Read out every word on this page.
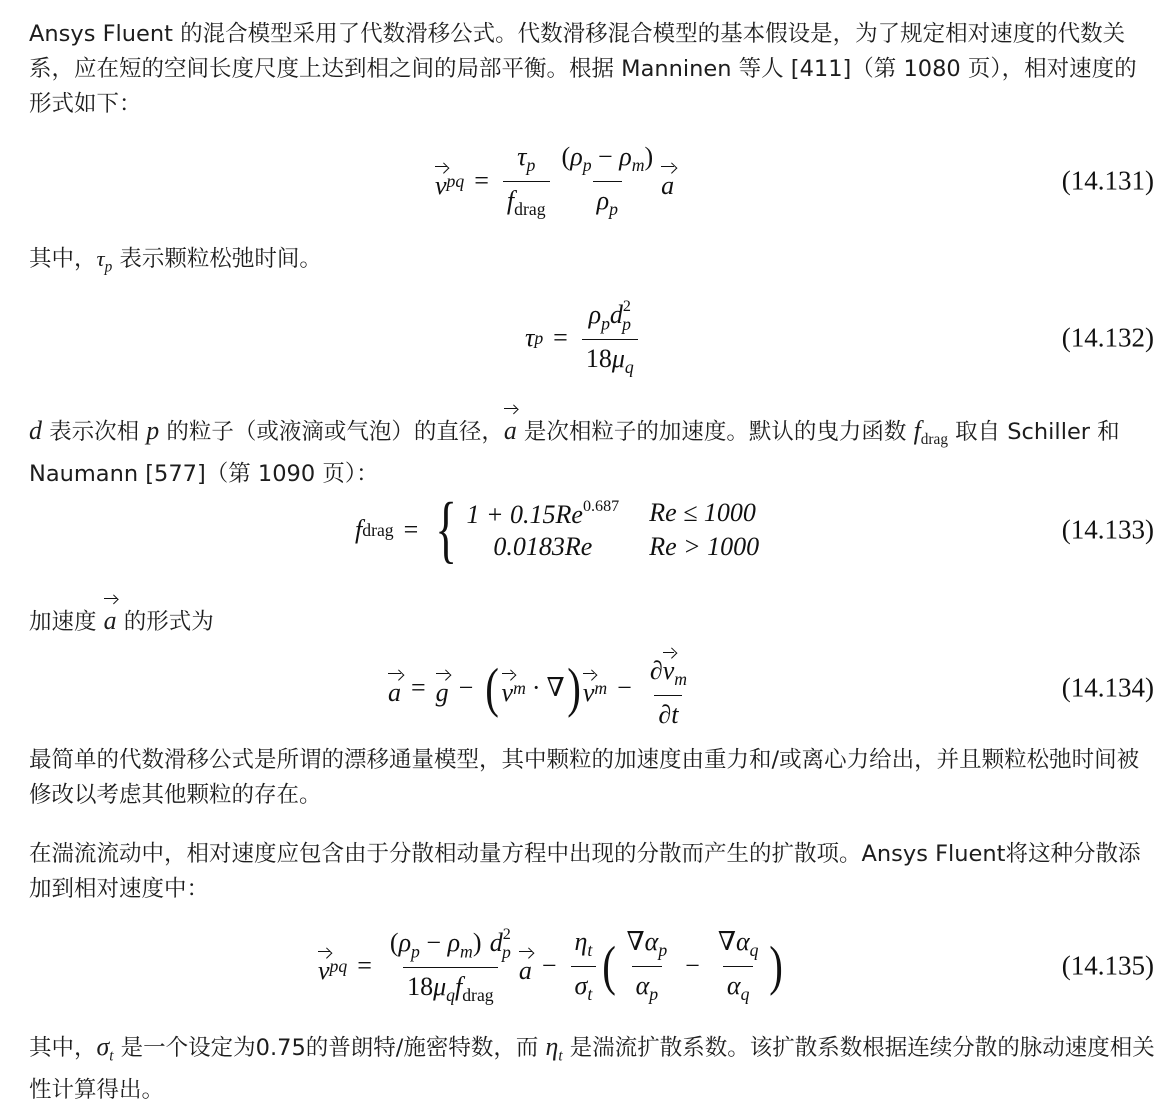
Ansys Fluent 的混合模型采用了代数滑移公式。代数滑移混合模型的基本假设是，为了规定相对速度的代数关系，应在短的空间长度尺度上达到相之间的局部平衡。根据 Manninen 等人 [411]（第 1080 页），相对速度的形式如下：

v pq = $\frac{\tau_p}{f_{drag}} \frac{(\rho_p - \rho_m)}{\rho_p}$ a	(14.131)

其中，$\tau_p$ 表示颗粒松弛时间。

τ $p = \frac{\rho_pd^2_p}{18\mu_q}$	(14.132)

d 表示次相 p 的粒子（或液滴或气泡）的直径，a 是次相粒子的加速度。默认的曳力函数 $f_{drag}$ 取自 Schiller 和 Naumann [577]（第 1090 页）：

f drag = { $1 + 0.15Re^{0.687}$ Re ≤ 1000
0.0183Re	Re > 1000
(14.133)

加速度 a 的形式为

a = g − ( v m · ∇ ) v $m - \frac{\partial v_m}{\partial t}$	(14.134)

最简单的代数滑移公式是所谓的漂移通量模型，其中颗粒的加速度由重力和/或离心力给出，并且颗粒松弛时间被修改以考虑其他颗粒的存在。

在湍流流动中，相对速度应包含由于分散相动量方程中出现的分散而产生的扩散项。Ansys Fluent将这种分散添加到相对速度中：

v pq = $\frac{(\rho_p - \rho_m) d^2_p}{18\mu_qf_{drag}}$ $a - \frac{\eta_t}{\sigma_t}$ ( $\frac{\nabla\alpha_p}{\alpha_p} - \frac{\nabla\alpha_q}{\alpha_q}$ )	(14.135)

其中，$\sigma_t$ 是一个设定为0.75的普朗特/施密特数，而 $\eta_t$ 是湍流扩散系数。该扩散系数根据连续分散的脉动速度相关性计算得出。
